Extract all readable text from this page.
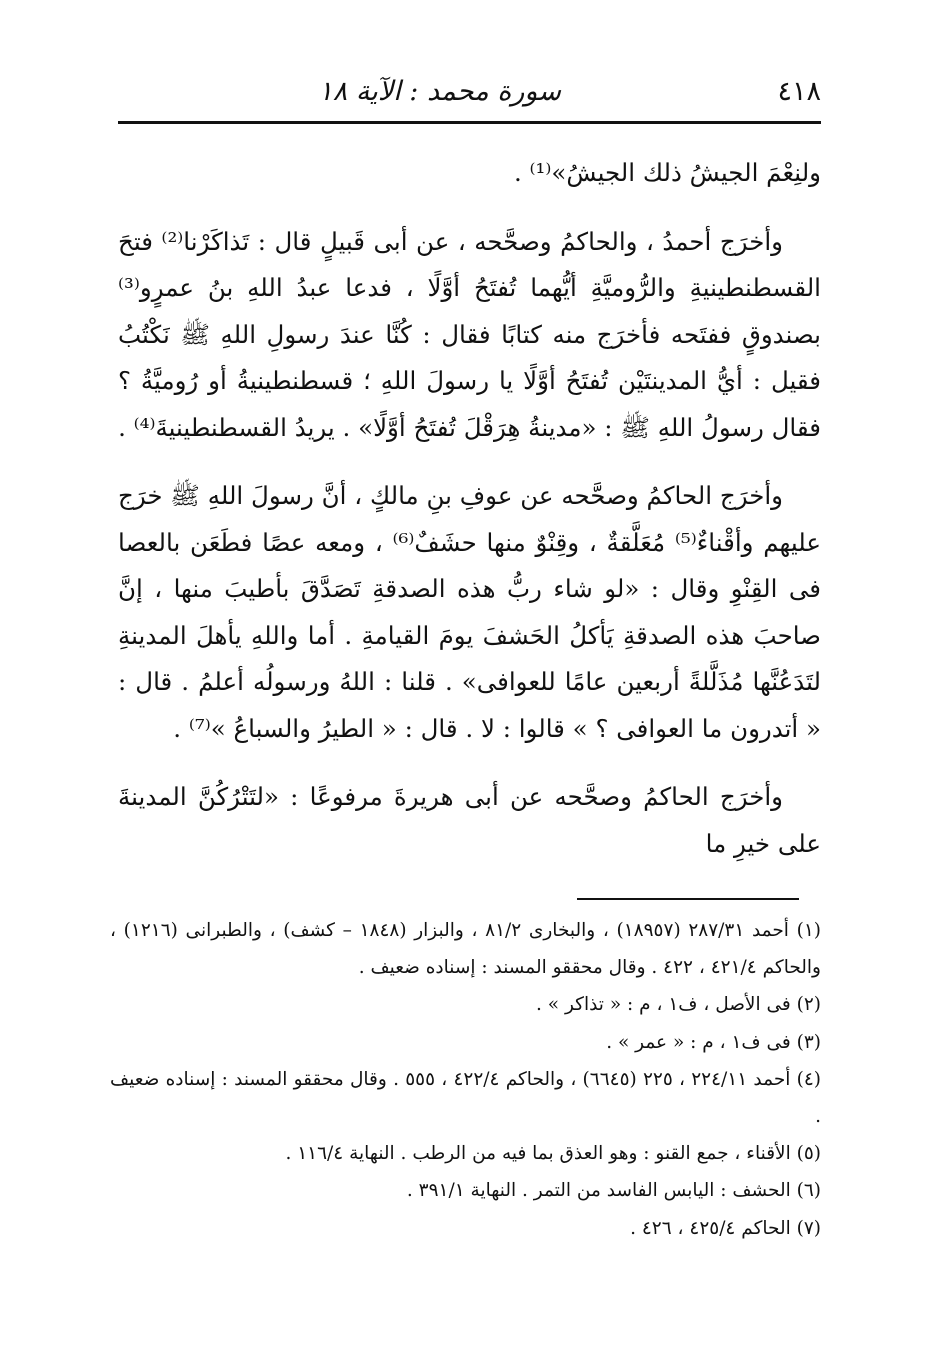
٤١٨
سورة محمد : الآية ١٨

ولنِعْمَ الجيشُ ذلك الجيشُ»⁽¹⁾ .

وأخرَج أحمدُ ، والحاكمُ وصحَّحه ، عن أبى قَبيلٍ قال : تَذاكَرْنا⁽²⁾ فتحَ القسطنطينيةِ والرُّوميَّةِ أيُّهما تُفتَحُ أوَّلًا ، فدعا عبدُ اللهِ بنُ عمرٍو⁽³⁾ بصندوقٍ ففتَحه فأخرَج منه كتابًا فقال : كُنَّا عندَ رسولِ اللهِ ﷺ نَكْتُبُ فقيل : أيُّ المدينتَيْن تُفتَحُ أوَّلًا يا رسولَ اللهِ ؛ قسطنطينيةُ أو رُوميَّةُ ؟ فقال رسولُ اللهِ ﷺ : «مدينةُ هِرَقْلَ تُفتَحُ أوَّلًا» . يريدُ القسطنطينيةَ⁽⁴⁾ .

وأخرَج الحاكمُ وصحَّحه عن عوفِ بنِ مالكٍ ، أنَّ رسولَ اللهِ ﷺ خرَج عليهم وأقْناءٌ⁽⁵⁾ مُعَلَّقةٌ ، وقِنْوٌ منها حشَفٌ⁽⁶⁾ ، ومعه عصًا فطَعَن بالعصا فى القِنْوِ وقال : «لو شاء ربُّ هذه الصدقةِ تَصَدَّقَ بأطيبَ منها ، إنَّ صاحبَ هذه الصدقةِ يَأكلُ الحَشفَ يومَ القيامةِ . أما واللهِ يأهلَ المدينةِ لتَدَعُنَّها مُذَلَّلةً أربعين عامًا للعوافى» . قلنا : اللهُ ورسولُه أعلمُ . قال : « أتدرون ما العوافى ؟ » قالوا : لا . قال : « الطيرُ والسباعُ »⁽⁷⁾ .

وأخرَج الحاكمُ وصحَّحه عن أبى هريرةَ مرفوعًا : «لتَتْرُكُنَّ المدينةَ على خيرِ ما

(١) أحمد ٢٨٧/٣١ (١٨٩٥٧) ، والبخارى ٨١/٢ ، والبزار (١٨٤٨ – كشف) ، والطبرانى (١٢١٦) ، والحاكم ٤٢١/٤ ، ٤٢٢ . وقال محققو المسند : إسناده ضعيف .

(٢) فى الأصل ، ف١ ، م : « تذاكر » .

(٣) فى ف١ ، م : « عمر » .

(٤) أحمد ٢٢٤/١١ ، ٢٢٥ (٦٦٤٥) ، والحاكم ٤٢٢/٤ ، ٥٥٥ . وقال محققو المسند : إسناده ضعيف .

(٥) الأقناء ، جمع القنو : وهو العذق بما فيه من الرطب . النهاية ١١٦/٤ .

(٦) الحشف : اليابس الفاسد من التمر . النهاية ٣٩١/١ .

(٧) الحاكم ٤٢٥/٤ ، ٤٢٦ .
